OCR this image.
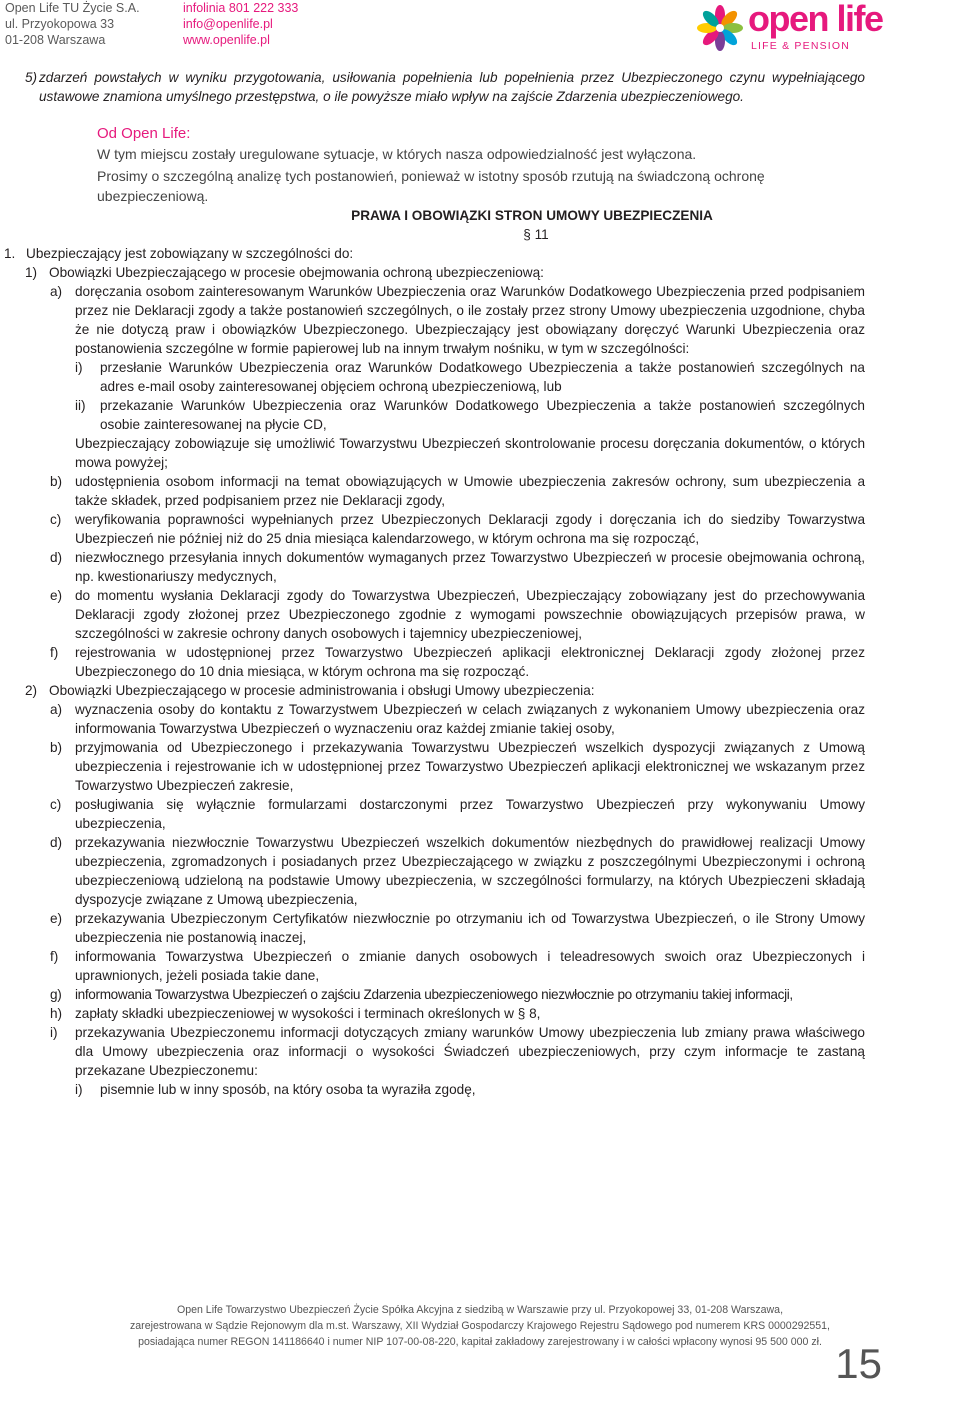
Open Life TU Życie S.A.
ul. Przyokopowa 33
01-208 Warszawa
infolinia 801 222 333
info@openlife.pl
www.openlife.pl
open life
LIFE & PENSION
5) zdarzeń powstałych w wyniku przygotowania, usiłowania popełnienia lub popełnienia przez Ubezpieczonego czynu wypełniającego ustawowe znamiona umyślnego przestępstwa, o ile powyższe miało wpływ na zajście Zdarzenia ubezpieczeniowego.

Od Open Life:

W tym miejscu zostały uregulowane sytuacje, w których nasza odpowiedzialność jest wyłączona.

Prosimy o szczególną analizę tych postanowień, ponieważ w istotny sposób rzutują na świadczoną ochronę ubezpieczeniową.

PRAWA I OBOWIĄZKI STRON UMOWY UBEZPIECZENIA

§ 11

1. Ubezpieczający jest zobowiązany w szczególności do:
1) Obowiązki Ubezpieczającego w procesie obejmowania ochroną ubezpieczeniową:
a) doręczania osobom zainteresowanym Warunków Ubezpieczenia oraz Warunków Dodatkowego Ubezpieczenia przed podpisaniem przez nie Deklaracji zgody a także postanowień szczególnych, o ile zostały przez strony Umowy ubezpieczenia uzgodnione, chyba że nie dotyczą praw i obowiązków Ubezpieczonego. Ubezpieczający jest obowiązany doręczyć Warunki Ubezpieczenia oraz postanowienia szczególne w formie papierowej lub na innym trwałym nośniku, w tym w szczególności:
i)	przesłanie Warunków Ubezpieczenia oraz Warunków Dodatkowego Ubezpieczenia a także postanowień szczególnych na adres e-mail osoby zainteresowanej objęciem ochroną ubezpieczeniową, lub
ii)	przekazanie Warunków Ubezpieczenia oraz Warunków Dodatkowego Ubezpieczenia a także postanowień szczególnych osobie zainteresowanej na płycie CD,
Ubezpieczający zobowiązuje się umożliwić Towarzystwu Ubezpieczeń skontrolowanie procesu doręczania dokumentów, o których mowa powyżej;
b) udostępnienia osobom informacji na temat obowiązujących w Umowie ubezpieczenia zakresów ochrony, sum ubezpieczenia a także składek, przed podpisaniem przez nie Deklaracji zgody,
c)	weryfikowania poprawności wypełnianych przez Ubezpieczonych Deklaracji zgody i doręczania ich do siedziby Towarzystwa Ubezpieczeń nie później niż do 25 dnia miesiąca kalendarzowego, w którym ochrona ma się rozpocząć,
d) niezwłocznego przesyłania innych dokumentów wymaganych przez Towarzystwo Ubezpieczeń w procesie obejmowania ochroną, np. kwestionariuszy medycznych,
e) do momentu wysłania Deklaracji zgody do Towarzystwa Ubezpieczeń, Ubezpieczający zobowiązany jest do przechowywania Deklaracji zgody złożonej przez Ubezpieczonego zgodnie z wymogami powszechnie obowiązujących przepisów prawa, w szczególności w zakresie ochrony danych osobowych i tajemnicy ubezpieczeniowej,
f)	rejestrowania w udostępnionej przez Towarzystwo Ubezpieczeń aplikacji elektronicznej Deklaracji zgody złożonej przez Ubezpieczonego do 10 dnia miesiąca, w którym ochrona ma się rozpocząć.
2) Obowiązki Ubezpieczającego w procesie administrowania i obsługi Umowy ubezpieczenia:
a) wyznaczenia osoby do kontaktu z Towarzystwem Ubezpieczeń w celach związanych z wykonaniem Umowy ubezpieczenia oraz informowania Towarzystwa Ubezpieczeń o wyznaczeniu oraz każdej zmianie takiej osoby,
b) przyjmowania od Ubezpieczonego i przekazywania Towarzystwu Ubezpieczeń wszelkich dyspozycji związanych z Umową ubezpieczenia i rejestrowanie ich w udostępnionej przez Towarzystwo Ubezpieczeń aplikacji elektronicznej we wskazanym przez Towarzystwo Ubezpieczeń zakresie,
c)	posługiwania się wyłącznie formularzami dostarczonymi przez Towarzystwo Ubezpieczeń przy wykonywaniu Umowy ubezpieczenia,
d) przekazywania niezwłocznie Towarzystwu Ubezpieczeń wszelkich dokumentów niezbędnych do prawidłowej realizacji Umowy ubezpieczenia, zgromadzonych i posiadanych przez Ubezpieczającego w związku z poszczególnymi Ubezpieczonymi i ochroną ubezpieczeniową udzieloną na podstawie Umowy ubezpieczenia, w szczególności formularzy, na których Ubezpieczeni składają dyspozycje związane z Umową ubezpieczenia,
e) przekazywania Ubezpieczonym Certyfikatów niezwłocznie po otrzymaniu ich od Towarzystwa Ubezpieczeń, o ile Strony Umowy ubezpieczenia nie postanowią inaczej,
f)	informowania Towarzystwa Ubezpieczeń o zmianie danych osobowych i teleadresowych swoich oraz Ubezpieczonych i uprawnionych, jeżeli posiada takie dane,
g)	informowania Towarzystwa Ubezpieczeń o zajściu Zdarzenia ubezpieczeniowego niezwłocznie po otrzymaniu takiej informacji,
h) zapłaty składki ubezpieczeniowej w wysokości i terminach określonych w § 8,
i)	przekazywania Ubezpieczonemu informacji dotyczących zmiany warunków Umowy ubezpieczenia lub zmiany prawa właściwego dla Umowy ubezpieczenia oraz informacji o wysokości Świadczeń ubezpieczeniowych, przy czym informacje te zastaną przekazane Ubezpieczonemu:
i)	pisemnie lub w inny sposób, na który osoba ta wyraziła zgodę,
Open Life Towarzystwo Ubezpieczeń Życie Spółka Akcyjna z siedzibą w Warszawie przy ul. Przyokopowej 33, 01-208 Warszawa,
zarejestrowana w Sądzie Rejonowym dla m.st. Warszawy, XII Wydział Gospodarczy Krajowego Rejestru Sądowego pod numerem KRS 0000292551,
posiadająca numer REGON 141186640 i numer NIP 107-00-08-220, kapitał zakładowy zarejestrowany i w całości wpłacony wynosi 95 500 000 zł. 15
